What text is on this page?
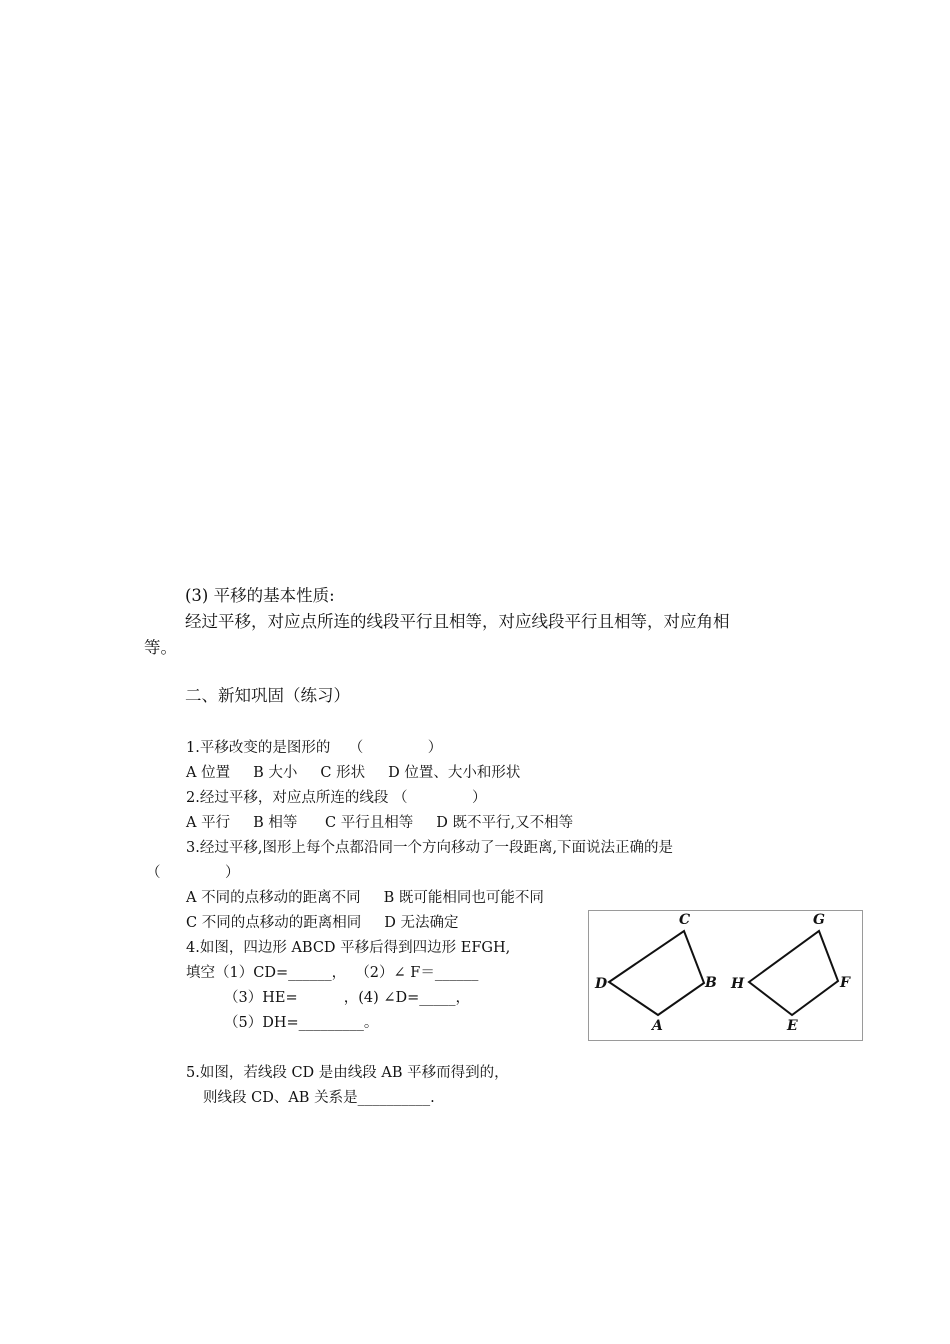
(3) 平移的基本性质:
经过平移，对应点所连的线段平行且相等，对应线段平行且相等，对应角相
等。
二、新知巩固（练习）
1.平移改变的是图形的    （              ）
A 位置     B 大小     C 形状     D 位置、大小和形状
2.经过平移，对应点所连的线段 （              ）
A 平行     B 相等      C 平行且相等     D 既不平行,又不相等
3.经过平移,图形上每个点都沿同一个方向移动了一段距离,下面说法正确的是
（              ）
A 不同的点移动的距离不同     B 既可能相同也可能不同
C 不同的点移动的距离相同     D 无法确定
4.如图，四边形 ABCD 平移后得到四边形 EFGH,
填空（1）CD=______，  （2）∠ F＝______
（3）HE=          ，(4) ∠D=_____，
（5）DH=_________。
5.如图，若线段 CD 是由线段 AB 平移而得到的，
则线段 CD、AB 关系是__________.
C
D	B
A
G
H	F
E
